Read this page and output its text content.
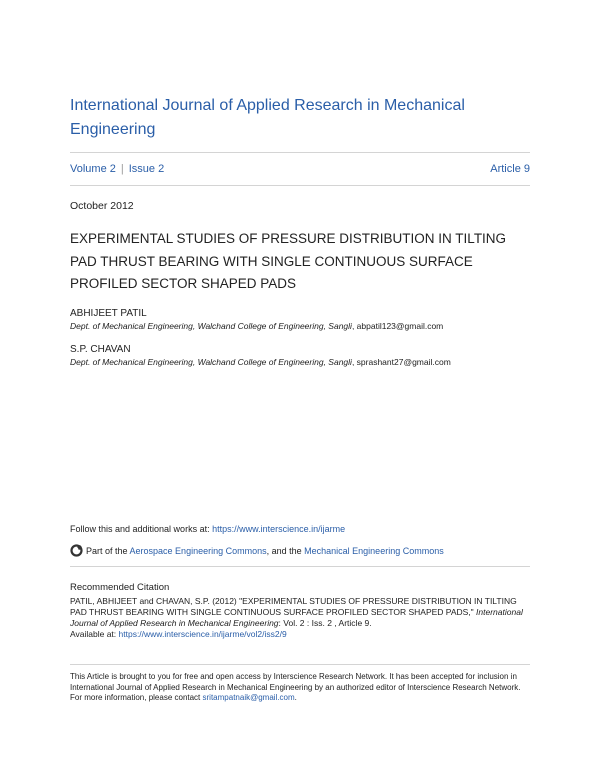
International Journal of Applied Research in Mechanical Engineering
Volume 2 | Issue 2	Article 9
October 2012
EXPERIMENTAL STUDIES OF PRESSURE DISTRIBUTION IN TILTING PAD THRUST BEARING WITH SINGLE CONTINUOUS SURFACE PROFILED SECTOR SHAPED PADS
ABHIJEET PATIL
Dept. of Mechanical Engineering, Walchand College of Engineering, Sangli, abpatil123@gmail.com
S.P. CHAVAN
Dept. of Mechanical Engineering, Walchand College of Engineering, Sangli, sprashant27@gmail.com
Follow this and additional works at: https://www.interscience.in/ijarme
Part of the Aerospace Engineering Commons, and the Mechanical Engineering Commons
Recommended Citation
PATIL, ABHIJEET and CHAVAN, S.P. (2012) "EXPERIMENTAL STUDIES OF PRESSURE DISTRIBUTION IN TILTING PAD THRUST BEARING WITH SINGLE CONTINUOUS SURFACE PROFILED SECTOR SHAPED PADS," International Journal of Applied Research in Mechanical Engineering: Vol. 2 : Iss. 2 , Article 9.
Available at: https://www.interscience.in/ijarme/vol2/iss2/9
This Article is brought to you for free and open access by Interscience Research Network. It has been accepted for inclusion in International Journal of Applied Research in Mechanical Engineering by an authorized editor of Interscience Research Network. For more information, please contact sritampatnaik@gmail.com.
